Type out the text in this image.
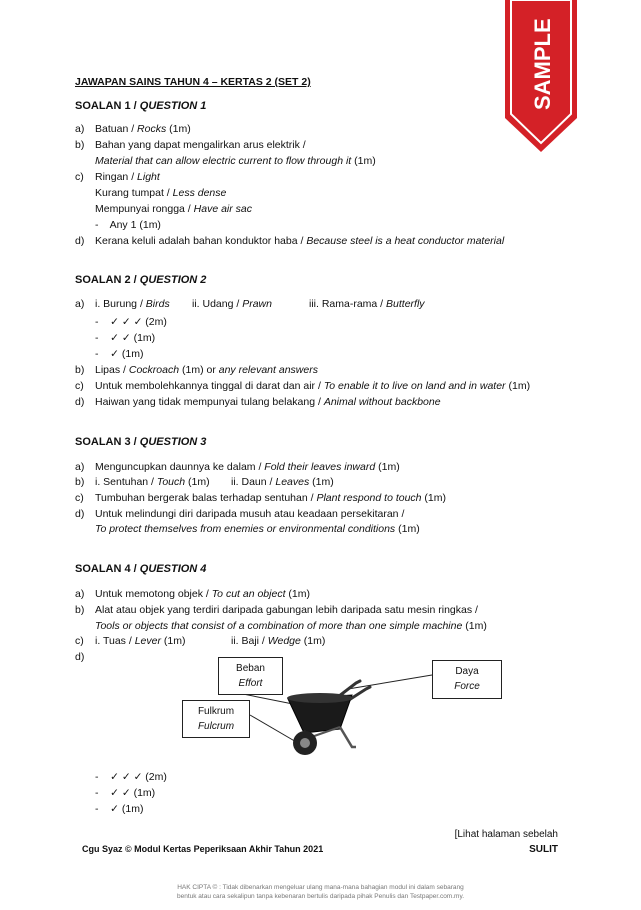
SAMPLE
JAWAPAN SAINS TAHUN 4 – KERTAS 2 (SET 2)
SOALAN 1 / QUESTION 1
a) Batuan / Rocks (1m)
b) Bahan yang dapat mengalirkan arus elektrik /
Material that can allow electric current to flow through it (1m)
c) Ringan / Light
Kurang tumpat / Less dense
Mempunyai rongga / Have air sac
-    Any 1 (1m)
d) Kerana keluli adalah bahan konduktor haba / Because steel is a heat conductor material
SOALAN 2 / QUESTION 2
a) i. Burung / Birds ii. Udang / Prawn	iii. Rama-rama / Butterfly
-    ✓ ✓ ✓ (2m)
-    ✓ ✓ (1m)
-    ✓ (1m)
b) Lipas / Cockroach (1m) or any relevant answers
c) Untuk membolehkannya tinggal di darat dan air / To enable it to live on land and in water (1m)
d) Haiwan yang tidak mempunyai tulang belakang / Animal without backbone
SOALAN 3 / QUESTION 3
a) Menguncupkan daunnya ke dalam / Fold their leaves inward (1m)
b) i. Sentuhan / Touch (1m) ii. Daun / Leaves (1m)
c) Tumbuhan bergerak balas terhadap sentuhan / Plant respond to touch (1m)
d) Untuk melindungi diri daripada musuh atau keadaan persekitaran /
To protect themselves from enemies or environmental conditions (1m)
SOALAN 4 / QUESTION 4
a) Untuk memotong objek / To cut an object (1m)
b) Alat atau objek yang terdiri daripada gabungan lebih daripada satu mesin ringkas /
Tools or objects that consist of a combination of more than one simple machine (1m)
c) i. Tuas / Lever (1m)	ii. Baji / Wedge (1m)
d)
Beban
Effort
Daya
Force
Fulkrum
Fulcrum
-    ✓ ✓ ✓ (2m)
-    ✓ ✓ (1m)
-    ✓ (1m)
[Lihat halaman sebelah
SULIT
Cgu Syaz © Modul Kertas Peperiksaan Akhir Tahun 2021
HAK CIPTA © : Tidak dibenarkan mengeluar ulang mana-mana bahagian modul ini dalam sebarang
bentuk atau cara sekalipun tanpa kebenaran bertulis daripada pihak Penulis dan Testpaper.com.my.
